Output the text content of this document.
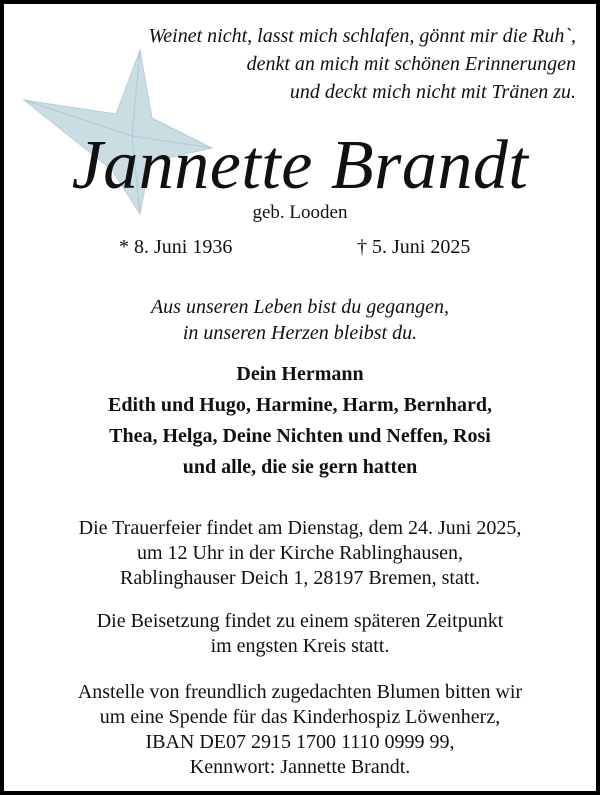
Weinet nicht, lasst mich schlafen, gönnt mir die Ruh`,
denkt an mich mit schönen Erinnerungen
und deckt mich nicht mit Tränen zu.
Jannette Brandt
geb. Looden
* 8. Juni 1936	† 5. Juni 2025
Aus unseren Leben bist du gegangen,
in unseren Herzen bleibst du.
Dein Hermann
Edith und Hugo, Harmine, Harm, Bernhard,
Thea, Helga, Deine Nichten und Neffen, Rosi
und alle, die sie gern hatten
Die Trauerfeier findet am Dienstag, dem 24. Juni 2025,
um 12 Uhr in der Kirche Rablinghausen,
Rablinghauser Deich 1, 28197 Bremen, statt.
Die Beisetzung findet zu einem späteren Zeitpunkt
im engsten Kreis statt.
Anstelle von freundlich zugedachten Blumen bitten wir
um eine Spende für das Kinderhospiz Löwenherz,
IBAN DE07 2915 1700 1110 0999 99,
Kennwort: Jannette Brandt.
